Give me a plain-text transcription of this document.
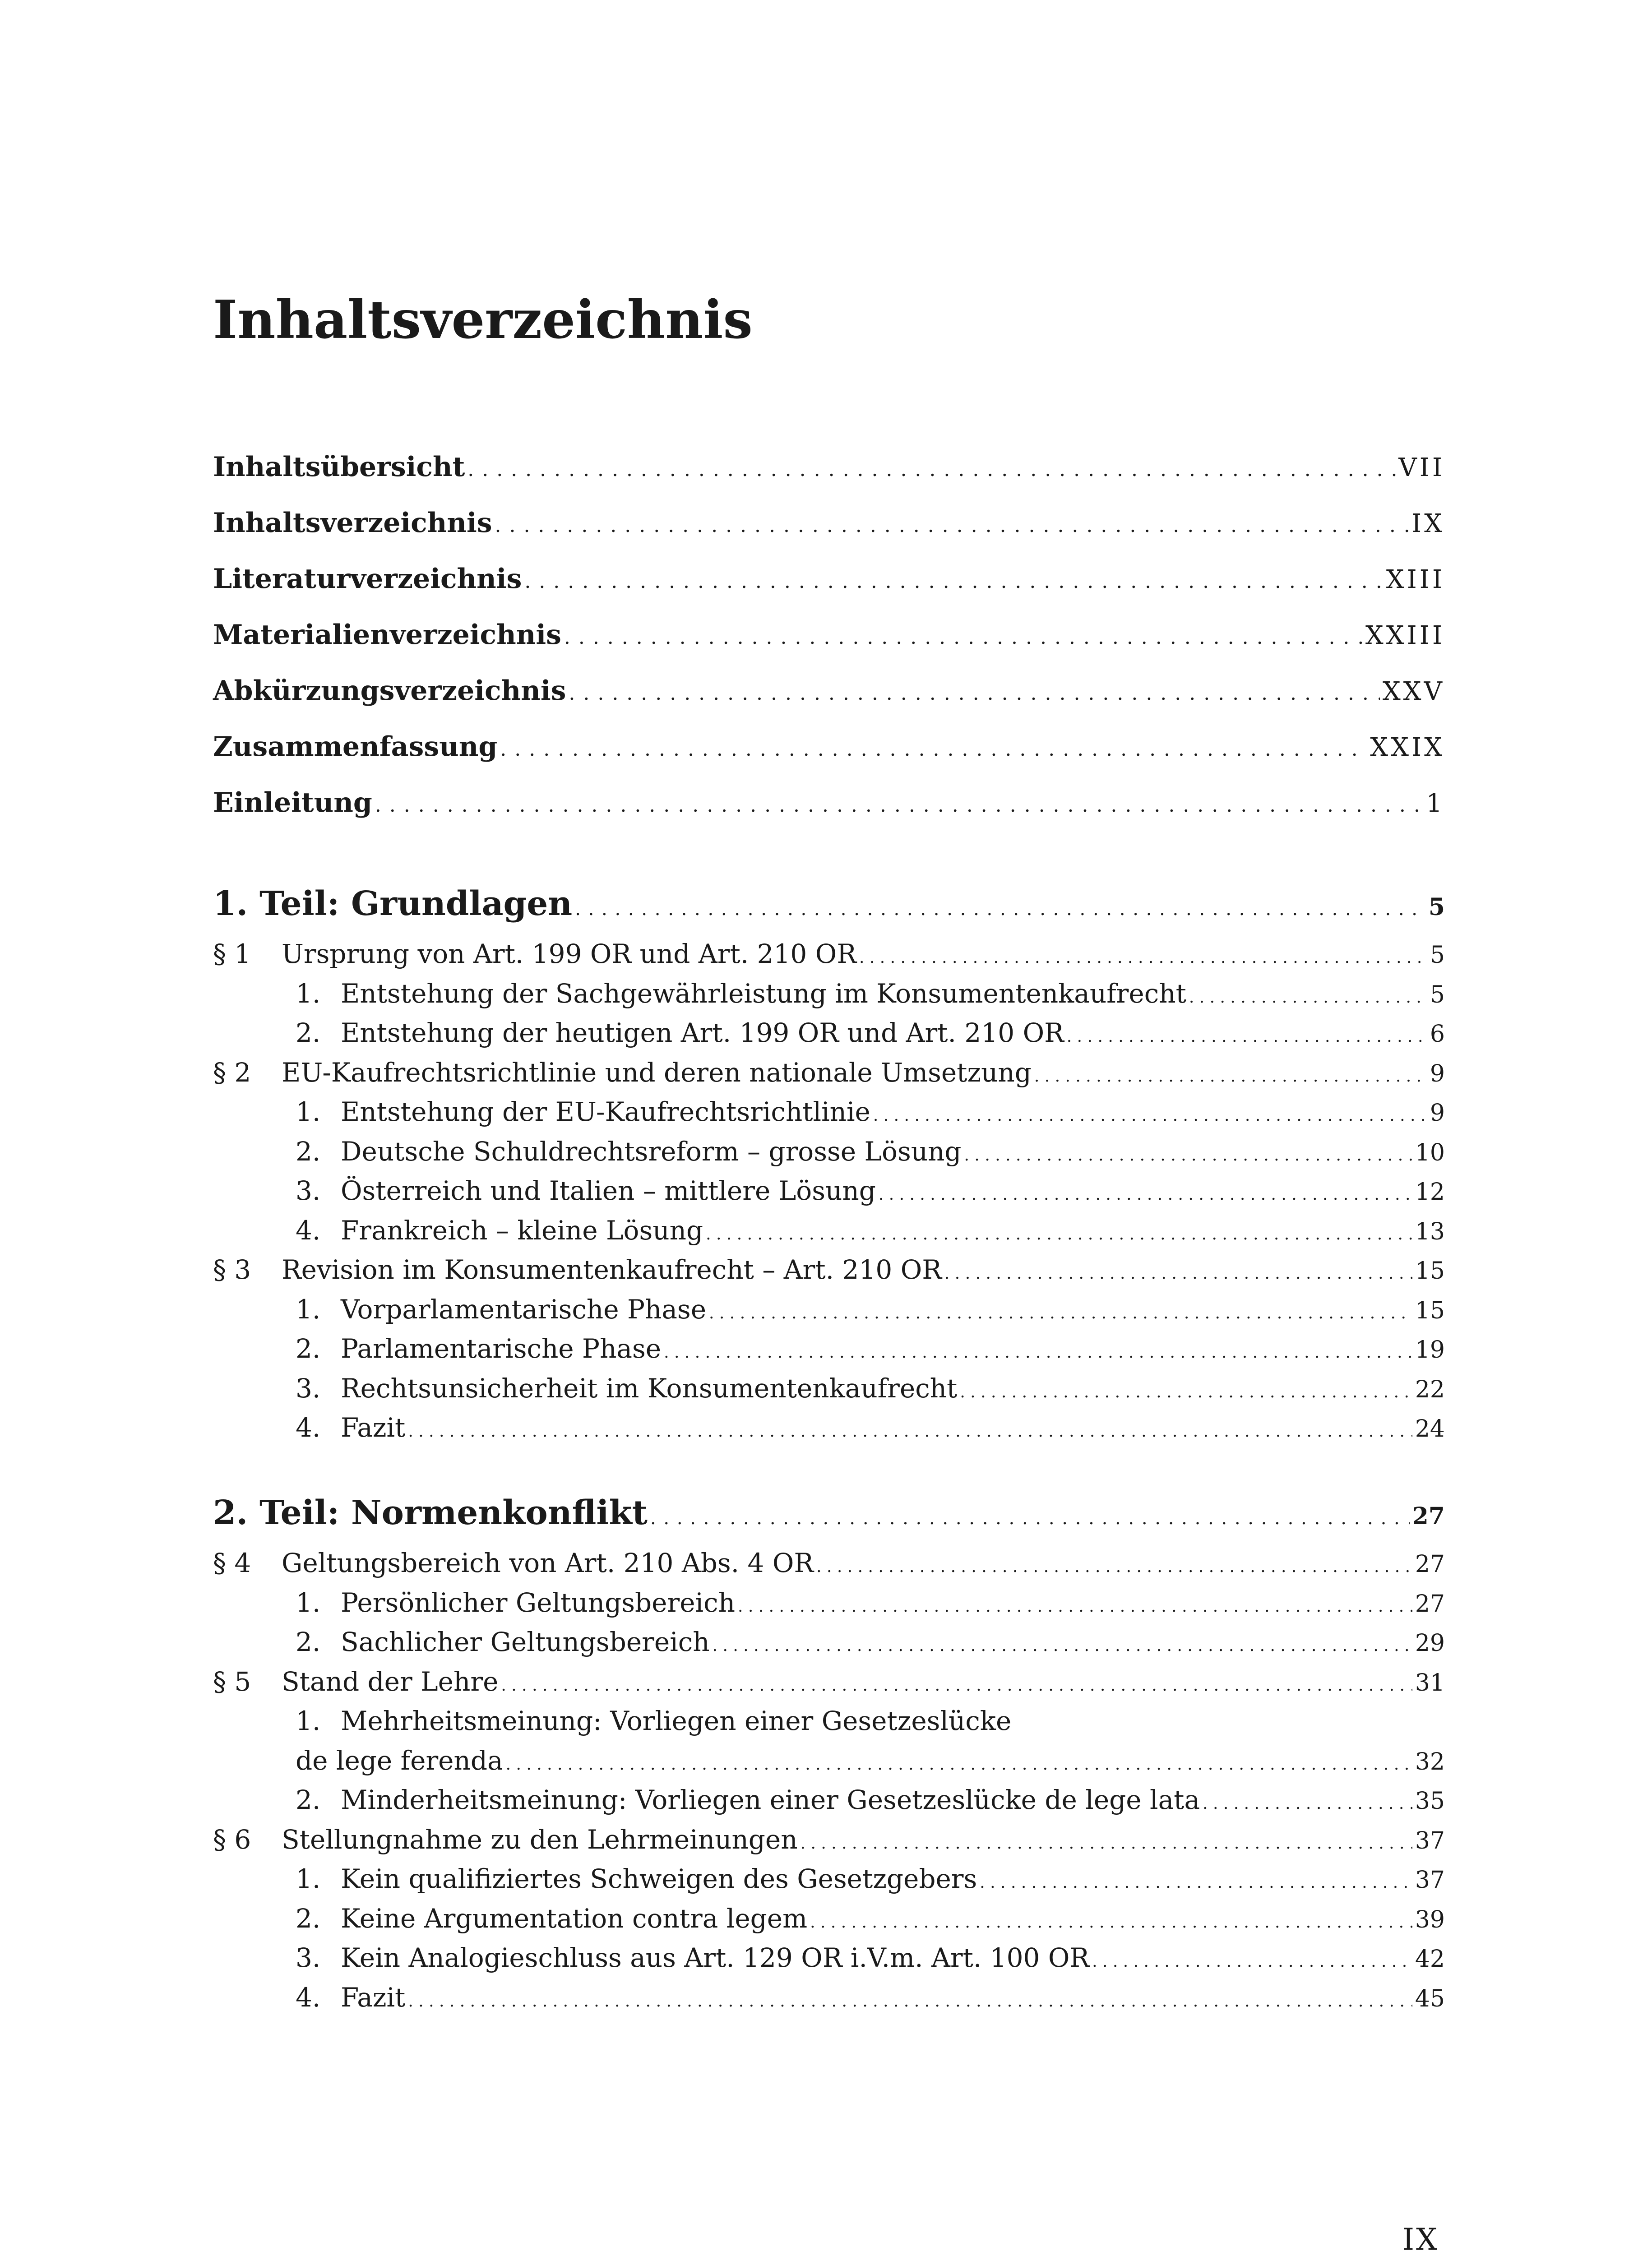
Inhaltsverzeichnis
Inhaltsübersicht . . .	VII
Inhaltsverzeichnis . . .	IX
Literaturverzeichnis . . .	XIII
Materialienverzeichnis . . .	XXIII
Abkürzungsverzeichnis . . .	XXV
Zusammenfassung . . .	XXIX
Einleitung . . .	1
1. Teil: Grundlagen . . .	5
§ 1	Ursprung von Art. 199 OR und Art. 210 OR . . .	5
1. Entstehung der Sachgewährleistung im Konsumentenkaufrecht . . .	5
2. Entstehung der heutigen Art. 199 OR und Art. 210 OR . . .	6
§ 2	EU-Kaufrechtsrichtlinie und deren nationale Umsetzung . . .	9
1. Entstehung der EU-Kaufrechtsrichtlinie . . .	9
2. Deutsche Schuldrechtsreform – grosse Lösung . . .	10
3. Österreich und Italien – mittlere Lösung . . .	12
4. Frankreich – kleine Lösung . . .	13
§ 3	Revision im Konsumentenkaufrecht – Art. 210 OR . . .	15
1. Vorparlamentarische Phase . . .	15
2. Parlamentarische Phase . . .	19
3. Rechtsunsicherheit im Konsumentenkaufrecht . . .	22
4. Fazit . . .	24
2. Teil: Normenkonflikt . . .	27
§ 4	Geltungsbereich von Art. 210 Abs. 4 OR . . .	27
1. Persönlicher Geltungsbereich . . .	27
2. Sachlicher Geltungsbereich . . .	29
§ 5	Stand der Lehre . . .	31
1. Mehrheitsmeinung: Vorliegen einer Gesetzeslücke
de lege ferenda . . .	32
2. Minderheitsmeinung: Vorliegen einer Gesetzeslücke de lege lata . . .	35
§ 6	Stellungnahme zu den Lehrmeinungen . . .	37
1. Kein qualifiziertes Schweigen des Gesetzgebers . . .	37
2. Keine Argumentation contra legem . . .	39
3. Kein Analogieschluss aus Art. 129 OR i.V.m. Art. 100 OR . . .	42
4. Fazit . . .	45
IX
